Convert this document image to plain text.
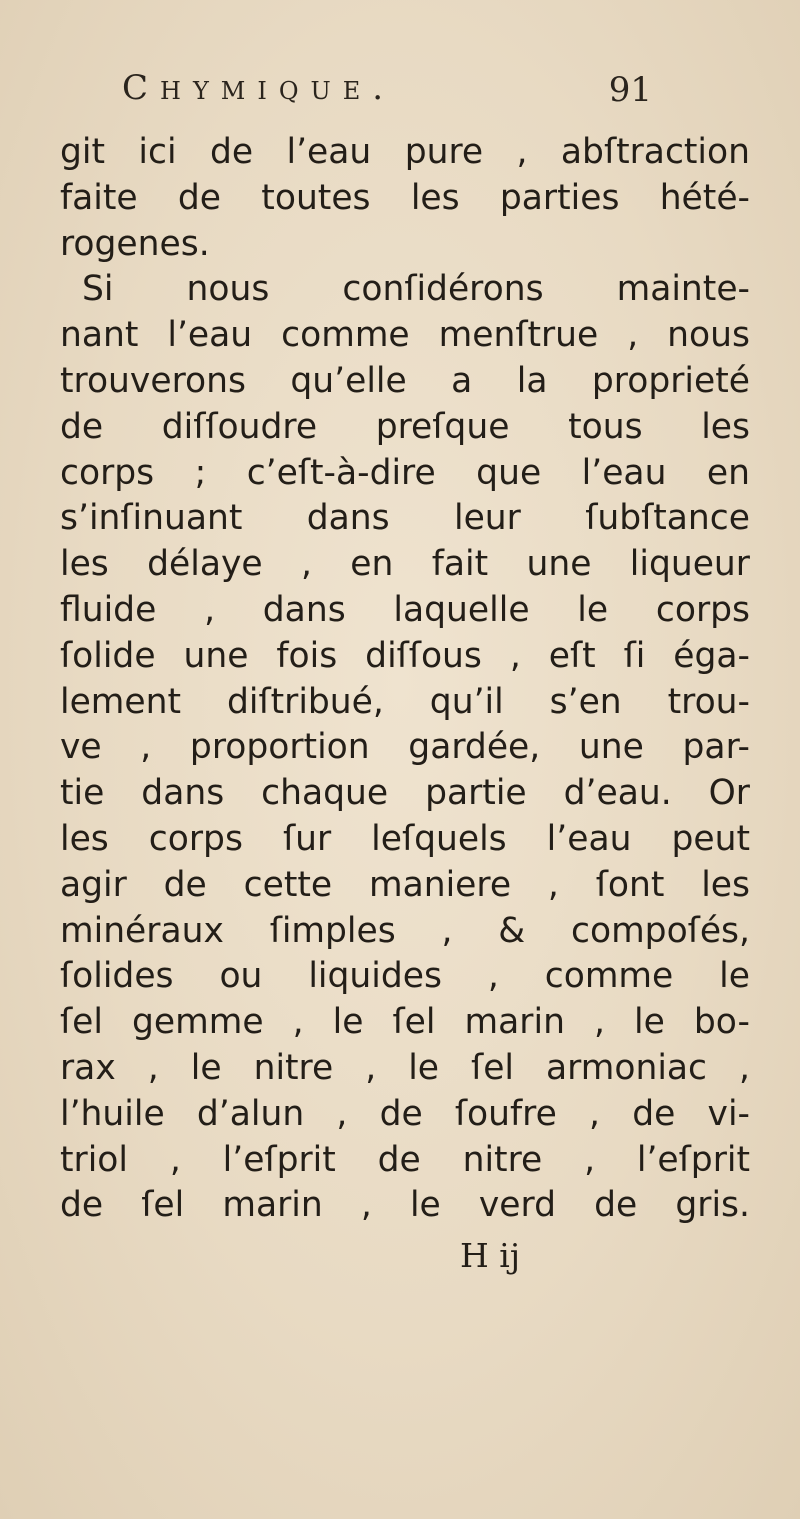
Chymique.	91
git ici de l’eau pure , abſtraction
faite de toutes les parties hété-
rogenes.
Si nous conſidérons mainte-
nant l’eau comme menſtrue , nous
trouverons qu’elle a la proprieté
de diſſoudre preſque tous les
corps ; c’eſt-à-dire que l’eau en
s’inſinuant dans leur ſubſtance
les délaye , en fait une liqueur
fluide , dans laquelle le corps
ſolide une fois diſſous , eſt ſi éga-
lement diſtribué, qu’il s’en trou-
ve , proportion gardée, une par-
tie dans chaque partie d’eau. Or
les corps ſur leſquels l’eau peut
agir de cette maniere , ſont les
minéraux ſimples , & compoſés,
ſolides ou liquides , comme le
ſel gemme , le ſel marin , le bo-
rax , le nitre , le ſel armoniac ,
l’huile d’alun , de ſoufre , de vi-
triol , l’eſprit de nitre , l’eſprit
de ſel marin , le verd de gris.
H ij
